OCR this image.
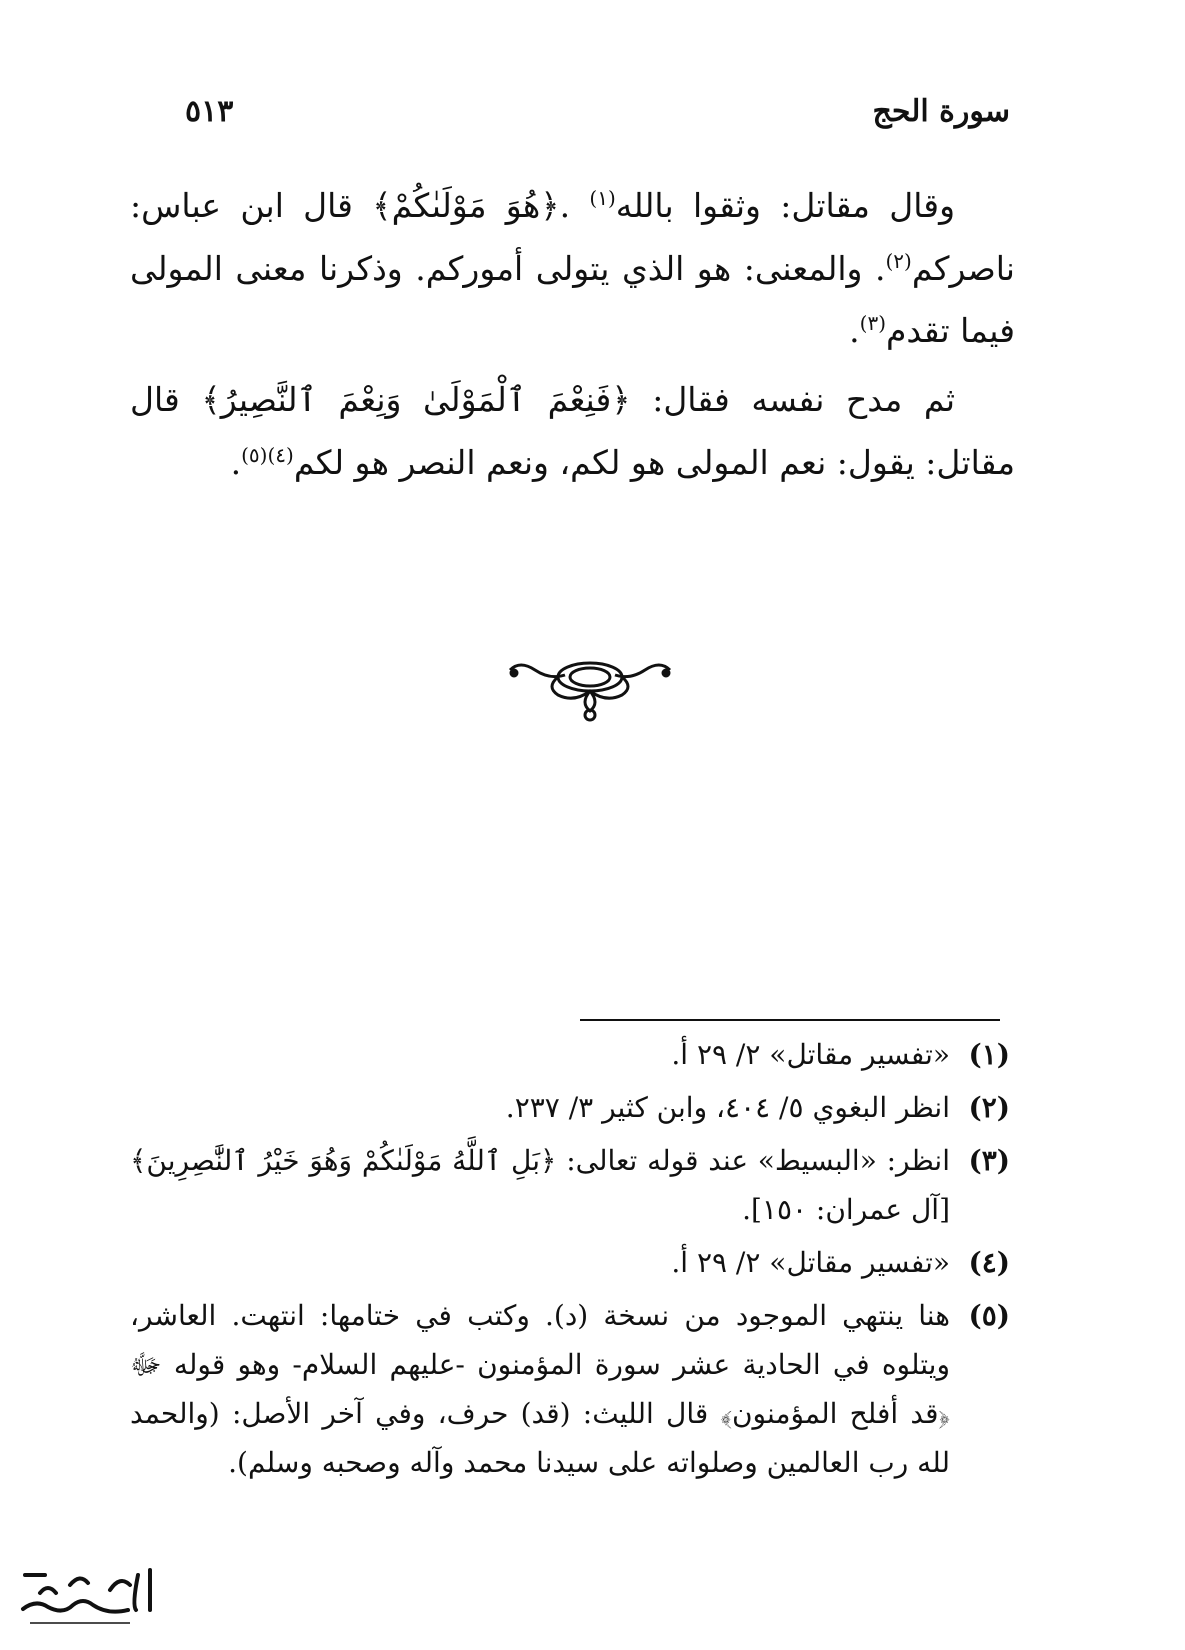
سورة الحج
٥١٣

وقال مقاتل: وثقوا بالله$^{(١)}$ .﴿هُوَ مَوْلَىٰكُمْ﴾ قال ابن عباس: ناصركم$^{(٢)}$. والمعنى: هو الذي يتولى أموركم. وذكرنا معنى المولى فيما تقدم$^{(٣)}$.

ثم مدح نفسه فقال: ﴿فَنِعْمَ ٱلْمَوْلَىٰ وَنِعْمَ ٱلنَّصِيرُ﴾ قال مقاتل: يقول: نعم المولى هو لكم، ونعم النصر هو لكم$^{(٤)(٥)}$.

(١)
«تفسير مقاتل» ٢/ ٢٩ أ.
(٢)
انظر البغوي ٥/ ٤٠٤، وابن كثير ٣/ ٢٣٧.
(٣)
انظر: «البسيط» عند قوله تعالى: ﴿بَلِ ٱللَّهُ مَوْلَىٰكُمْ وَهُوَ خَيْرُ ٱلنَّٰصِرِينَ﴾ [آل عمران: ١٥٠].
(٤)
«تفسير مقاتل» ٢/ ٢٩ أ.
(٥)
هنا ينتهي الموجود من نسخة (د). وكتب في ختامها: انتهت. العاشر، ويتلوه في الحادية عشر سورة المؤمنون -عليهم السلام- وهو قوله ﷻ ﴿قد أفلح المؤمنون﴾ قال الليث: (قد) حرف، وفي آخر الأصل: (والحمد لله رب العالمين وصلواته على سيدنا محمد وآله وصحبه وسلم).
